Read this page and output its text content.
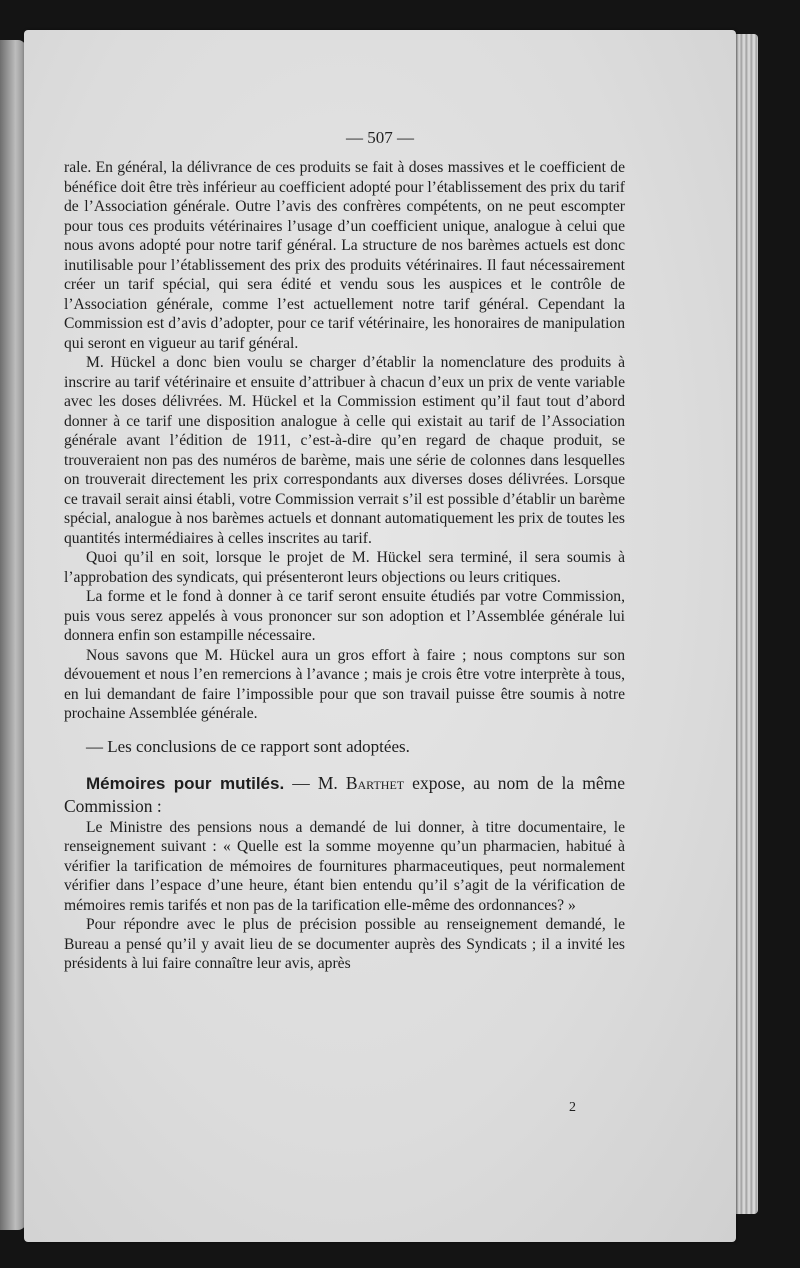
— 507 —

rale. En général, la délivrance de ces produits se fait à doses massives et le coefficient de bénéfice doit être très inférieur au coefficient adopté pour l’établissement des prix du tarif de l’Association générale. Outre l’avis des confrères compétents, on ne peut escompter pour tous ces produits vétérinaires l’usage d’un coefficient unique, analogue à celui que nous avons adopté pour notre tarif général. La structure de nos barèmes actuels est donc inutilisable pour l’établissement des prix des produits vétérinaires. Il faut nécessairement créer un tarif spécial, qui sera édité et vendu sous les auspices et le contrôle de l’Association générale, comme l’est actuellement notre tarif général. Cependant la Commission est d’avis d’adopter, pour ce tarif vétérinaire, les honoraires de manipulation qui seront en vigueur au tarif général.

M. Hückel a donc bien voulu se charger d’établir la nomenclature des produits à inscrire au tarif vétérinaire et ensuite d’attribuer à chacun d’eux un prix de vente variable avec les doses délivrées. M. Hückel et la Commission estiment qu’il faut tout d’abord donner à ce tarif une disposition analogue à celle qui existait au tarif de l’Association générale avant l’édition de 1911, c’est-à-dire qu’en regard de chaque produit, se trouveraient non pas des numéros de barème, mais une série de colonnes dans lesquelles on trouverait directement les prix correspondants aux diverses doses délivrées. Lorsque ce travail serait ainsi établi, votre Commission verrait s’il est possible d’établir un barème spécial, analogue à nos barèmes actuels et donnant automatiquement les prix de toutes les quantités intermédiaires à celles inscrites au tarif.

Quoi qu’il en soit, lorsque le projet de M. Hückel sera terminé, il sera soumis à l’approbation des syndicats, qui présenteront leurs objections ou leurs critiques.

La forme et le fond à donner à ce tarif seront ensuite étudiés par votre Commission, puis vous serez appelés à vous prononcer sur son adoption et l’Assemblée générale lui donnera enfin son estampille nécessaire.

Nous savons que M. Hückel aura un gros effort à faire ; nous comptons sur son dévouement et nous l’en remercions à l’avance ; mais je crois être votre interprète à tous, en lui demandant de faire l’impossible pour que son travail puisse être soumis à notre prochaine Assemblée générale.

— Les conclusions de ce rapport sont adoptées.

Mémoires pour mutilés. — M. Barthet expose, au nom de la même Commission :

Le Ministre des pensions nous a demandé de lui donner, à titre documentaire, le renseignement suivant : « Quelle est la somme moyenne qu’un pharmacien, habitué à vérifier la tarification de mémoires de fournitures pharmaceutiques, peut normalement vérifier dans l’espace d’une heure, étant bien entendu qu’il s’agit de la vérification de mémoires remis tarifés et non pas de la tarification elle-même des ordonnances? »

Pour répondre avec le plus de précision possible au renseignement demandé, le Bureau a pensé qu’il y avait lieu de se documenter auprès des Syndicats ; il a invité les présidents à lui faire connaître leur avis, après

2
